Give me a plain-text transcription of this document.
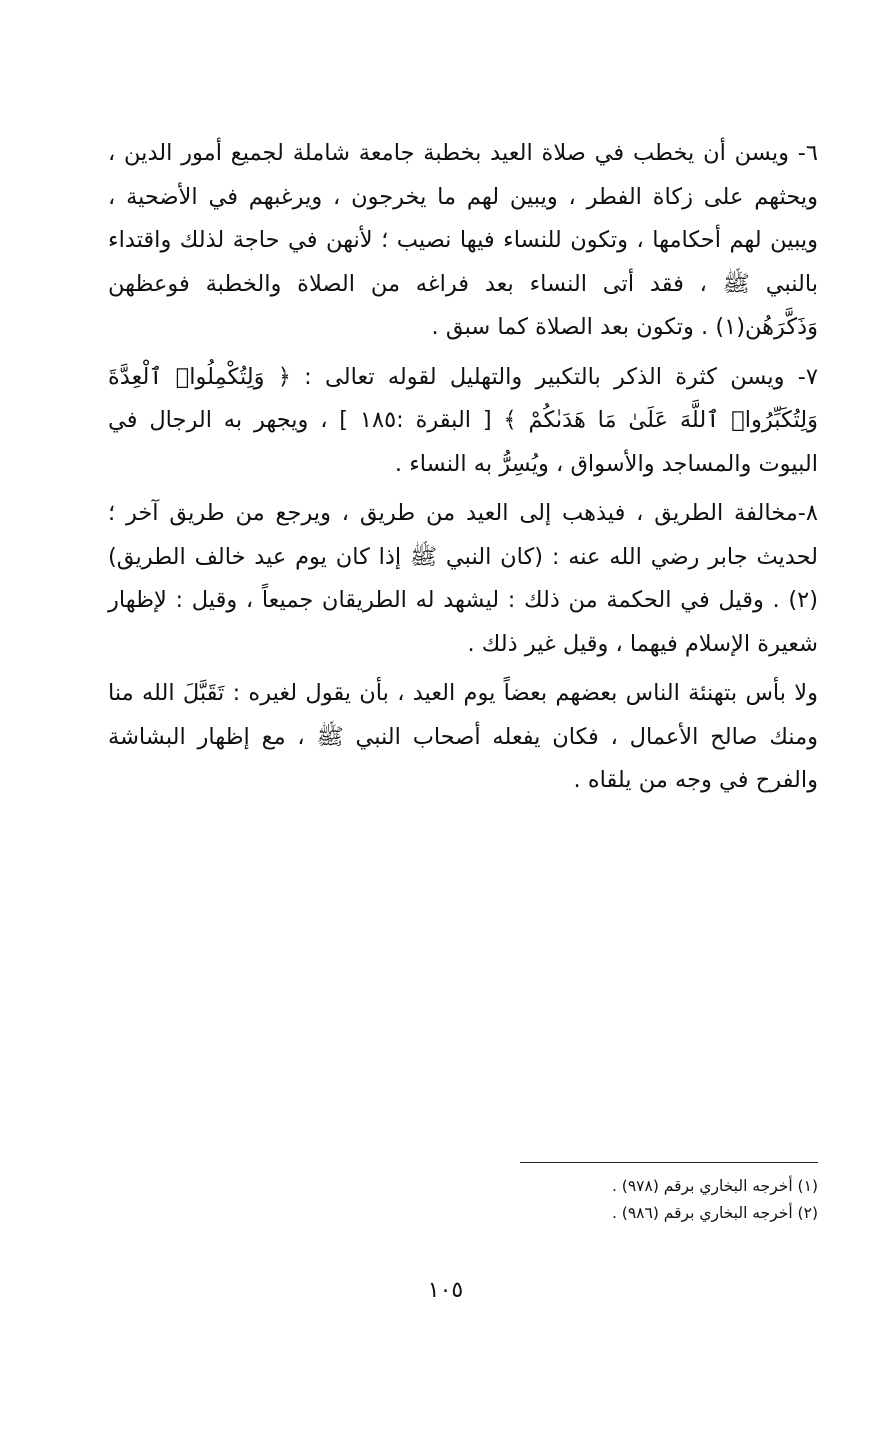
٦- ويسن أن يخطب في صلاة العيد بخطبة جامعة شاملة لجميع أمور الدين ، ويحثهم على زكاة الفطر ، ويبين لهم ما يخرجون ، ويرغبهم في الأضحية ، ويبين لهم أحكامها ، وتكون للنساء فيها نصيب ؛ لأنهن في حاجة لذلك واقتداء بالنبي ﷺ ، فقد أتى النساء بعد فراغه من الصلاة والخطبة فوعظهن وَذَكَّرَهُن(١) . وتكون بعد الصلاة كما سبق .

٧- ويسن كثرة الذكر بالتكبير والتهليل لقوله تعالى : ﴿ وَلِتُكْمِلُوا۟ ٱلْعِدَّةَ وَلِتُكَبِّرُوا۟ ٱللَّهَ عَلَىٰ مَا هَدَىٰكُمْ ﴾ [ البقرة :١٨٥ ] ، ويجهر به الرجال في البيوت والمساجد والأسواق ، ويُسِرُّ به النساء .

٨-مخالفة الطريق ، فيذهب إلى العيد من طريق ، ويرجع من طريق آخر ؛ لحديث جابر رضي الله عنه : (كان النبي ﷺ إذا كان يوم عيد خالف الطريق)(٢) . وقيل في الحكمة من ذلك : ليشهد له الطريقان جميعاً ، وقيل : لإظهار شعيرة الإسلام فيهما ، وقيل غير ذلك .

ولا بأس بتهنئة الناس بعضهم بعضاً يوم العيد ، بأن يقول لغيره : تَقَبَّلَ الله منا ومنك صالح الأعمال ، فكان يفعله أصحاب النبي ﷺ ، مع إظهار البشاشة والفرح في وجه من يلقاه .

(١) أخرجه البخاري برقم (٩٧٨) .

(٢) أخرجه البخاري برقم (٩٨٦) .

١٠٥
